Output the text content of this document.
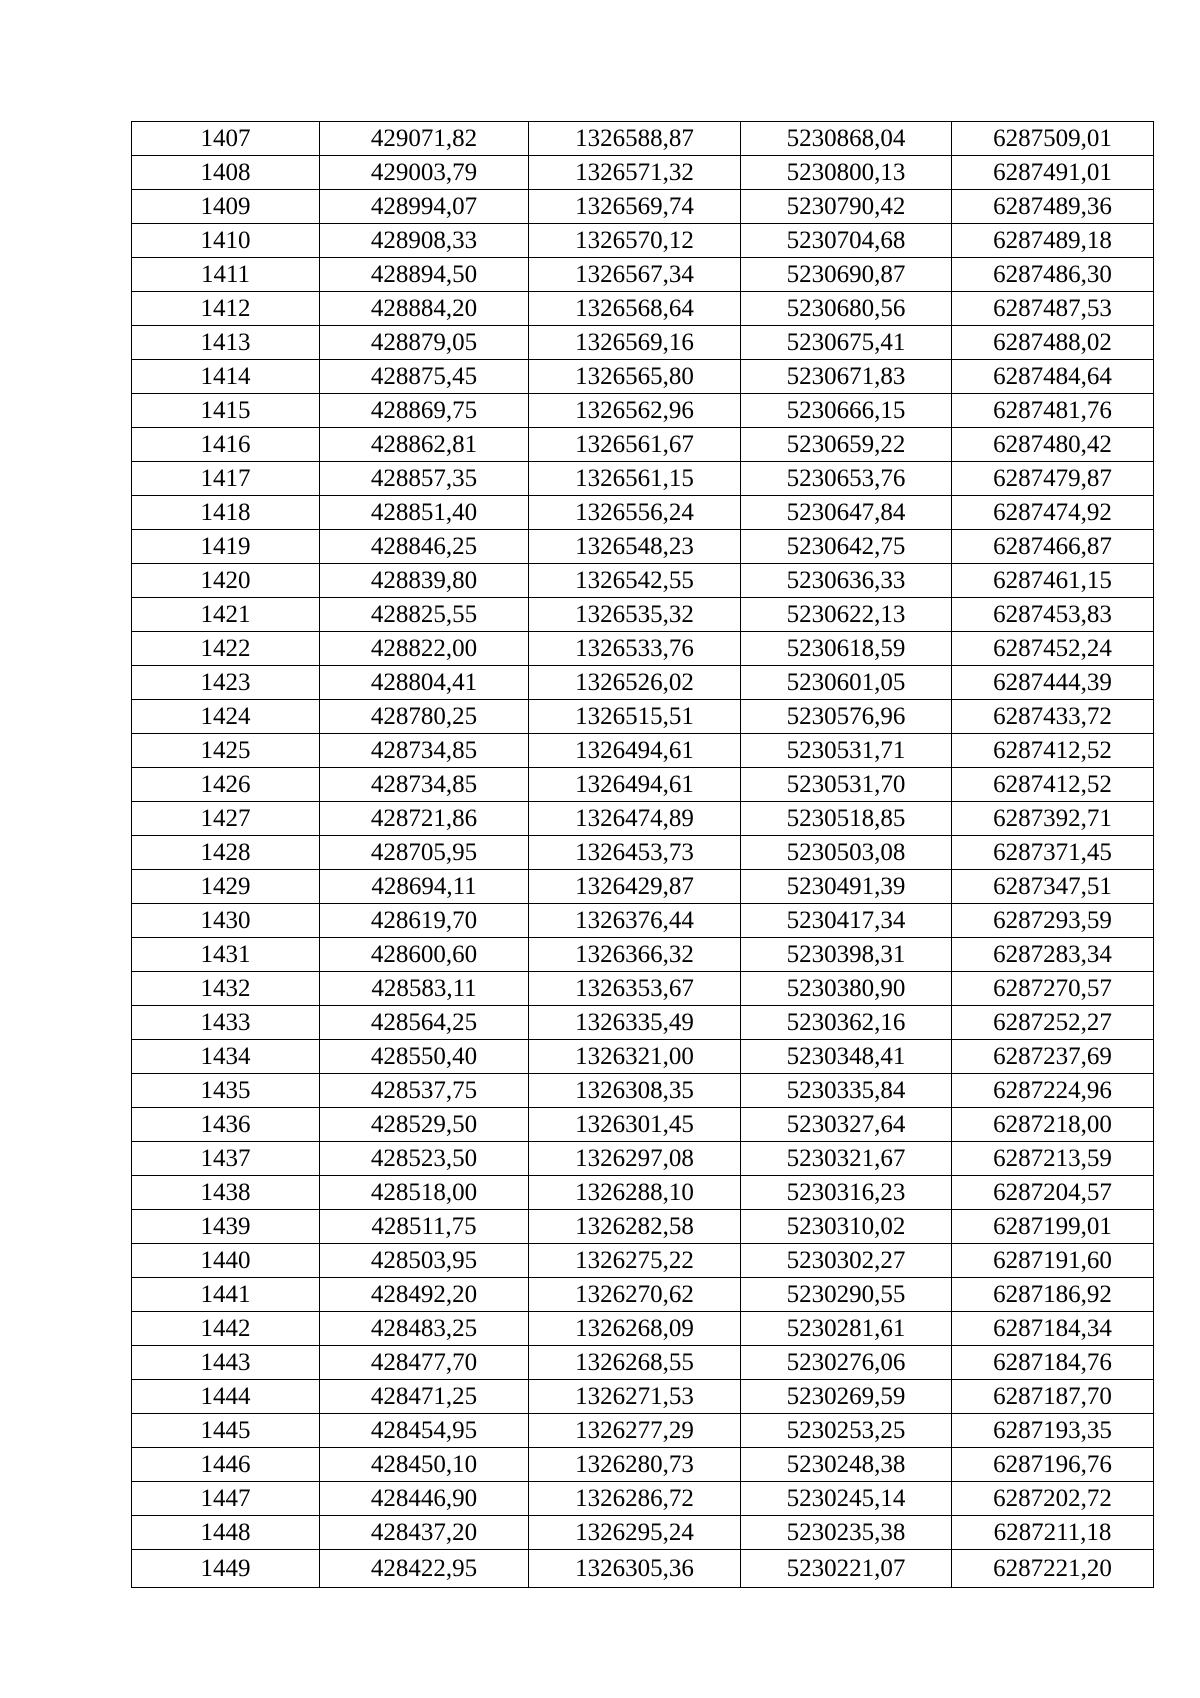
1407	429071,82	1326588,87	5230868,04	6287509,01
1408	429003,79	1326571,32	5230800,13	6287491,01
1409	428994,07	1326569,74	5230790,42	6287489,36
1410	428908,33	1326570,12	5230704,68	6287489,18
1411	428894,50	1326567,34	5230690,87	6287486,30
1412	428884,20	1326568,64	5230680,56	6287487,53
1413	428879,05	1326569,16	5230675,41	6287488,02
1414	428875,45	1326565,80	5230671,83	6287484,64
1415	428869,75	1326562,96	5230666,15	6287481,76
1416	428862,81	1326561,67	5230659,22	6287480,42
1417	428857,35	1326561,15	5230653,76	6287479,87
1418	428851,40	1326556,24	5230647,84	6287474,92
1419	428846,25	1326548,23	5230642,75	6287466,87
1420	428839,80	1326542,55	5230636,33	6287461,15
1421	428825,55	1326535,32	5230622,13	6287453,83
1422	428822,00	1326533,76	5230618,59	6287452,24
1423	428804,41	1326526,02	5230601,05	6287444,39
1424	428780,25	1326515,51	5230576,96	6287433,72
1425	428734,85	1326494,61	5230531,71	6287412,52
1426	428734,85	1326494,61	5230531,70	6287412,52
1427	428721,86	1326474,89	5230518,85	6287392,71
1428	428705,95	1326453,73	5230503,08	6287371,45
1429	428694,11	1326429,87	5230491,39	6287347,51
1430	428619,70	1326376,44	5230417,34	6287293,59
1431	428600,60	1326366,32	5230398,31	6287283,34
1432	428583,11	1326353,67	5230380,90	6287270,57
1433	428564,25	1326335,49	5230362,16	6287252,27
1434	428550,40	1326321,00	5230348,41	6287237,69
1435	428537,75	1326308,35	5230335,84	6287224,96
1436	428529,50	1326301,45	5230327,64	6287218,00
1437	428523,50	1326297,08	5230321,67	6287213,59
1438	428518,00	1326288,10	5230316,23	6287204,57
1439	428511,75	1326282,58	5230310,02	6287199,01
1440	428503,95	1326275,22	5230302,27	6287191,60
1441	428492,20	1326270,62	5230290,55	6287186,92
1442	428483,25	1326268,09	5230281,61	6287184,34
1443	428477,70	1326268,55	5230276,06	6287184,76
1444	428471,25	1326271,53	5230269,59	6287187,70
1445	428454,95	1326277,29	5230253,25	6287193,35
1446	428450,10	1326280,73	5230248,38	6287196,76
1447	428446,90	1326286,72	5230245,14	6287202,72
1448	428437,20	1326295,24	5230235,38	6287211,18
1449	428422,95	1326305,36	5230221,07	6287221,20
